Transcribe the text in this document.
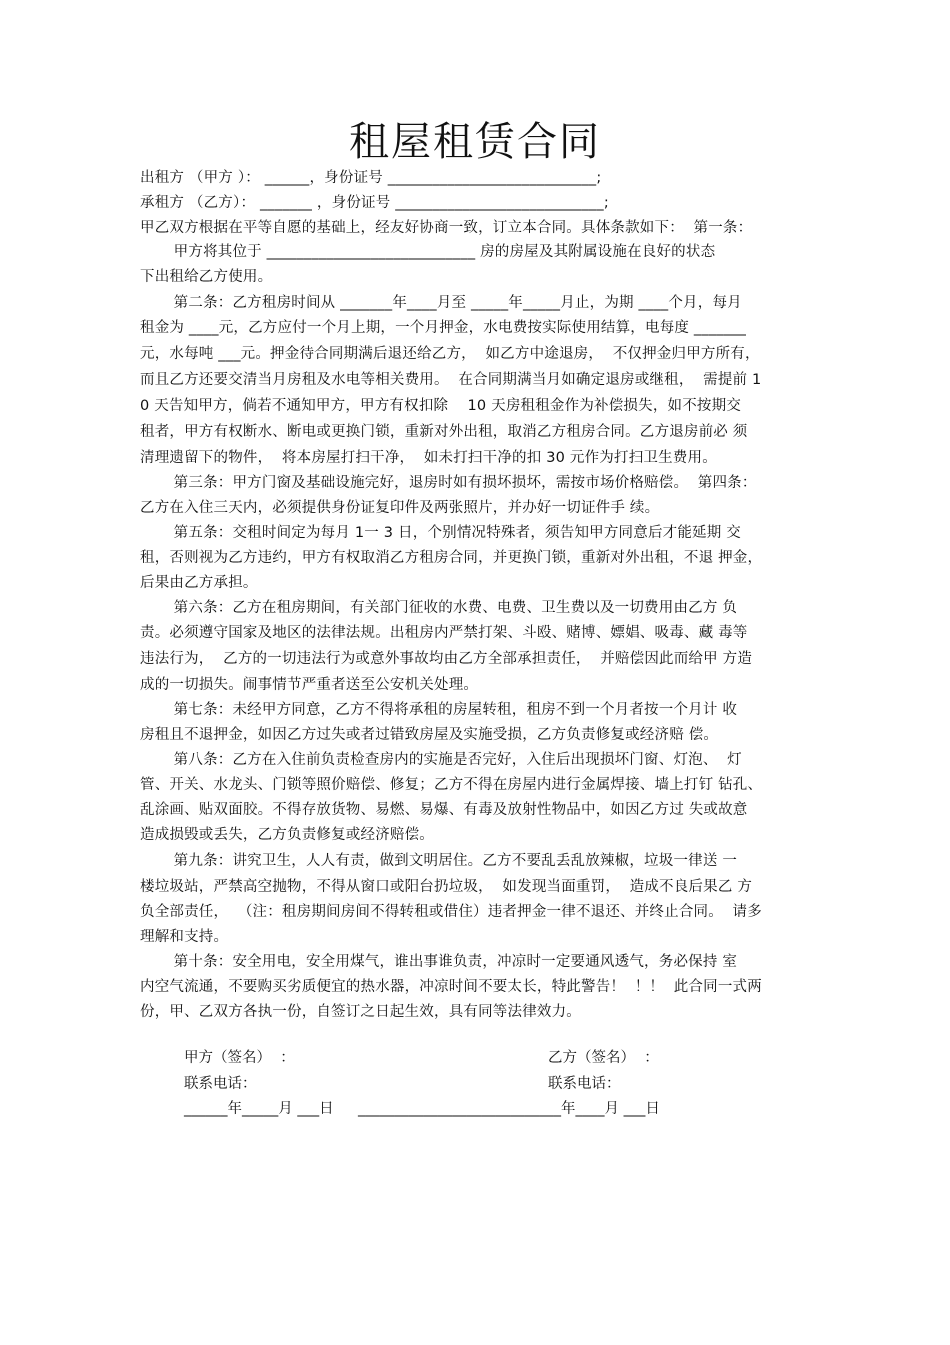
租屋租赁合同
出租方 （甲方 ）： ______，身份证号 ____________________________;
承租方 （乙方）： _______ ，身份证号 ____________________________;
甲乙双方根据在平等自愿的基础上，经友好协商一致，订立本合同。具体条款如下：  第一条：
甲方将其位于 ____________________________ 房的房屋及其附属设施在良好的状态
下出租给乙方使用。
第二条：乙方租房时间从 _______年____月至 _____年_____月止，为期 ____个月，每月
租金为 ____元，乙方应付一个月上期，一个月押金，水电费按实际使用结算，电每度 _______
元，水每吨 ___元。押金待合同期满后退还给乙方，  如乙方中途退房，  不仅押金归甲方所有，
而且乙方还要交清当月房租及水电等相关费用。  在合同期满当月如确定退房或继租，  需提前 1
0 天告知甲方，倘若不通知甲方，甲方有权扣除    10 天房租租金作为补偿损失，如不按期交
租者，甲方有权断水、断电或更换门锁，重新对外出租，取消乙方租房合同。乙方退房前必 须
清理遗留下的物件，  将本房屋打扫干净，  如未打扫干净的扣 30 元作为打扫卫生费用。
第三条：甲方门窗及基础设施完好，退房时如有损坏损坏，需按市场价格赔偿。  第四条：
乙方在入住三天内，必须提供身份证复印件及两张照片，并办好一切证件手 续。
第五条：交租时间定为每月 1一 3 日，个别情况特殊者，须告知甲方同意后才能延期 交
租，否则视为乙方违约，甲方有权取消乙方租房合同，并更换门锁，重新对外出租，不退 押金，
后果由乙方承担。
第六条：乙方在租房期间，有关部门征收的水费、电费、卫生费以及一切费用由乙方 负
责。必须遵守国家及地区的法律法规。出租房内严禁打架、斗殴、赌博、嫖娼、吸毒、藏 毒等
违法行为，  乙方的一切违法行为或意外事故均由乙方全部承担责任，  并赔偿因此而给甲 方造
成的一切损失。闹事情节严重者送至公安机关处理。
第七条：未经甲方同意，乙方不得将承租的房屋转租，租房不到一个月者按一个月计 收
房租且不退押金，如因乙方过失或者过错致房屋及实施受损，乙方负责修复或经济赔 偿。
第八条：乙方在入住前负责检查房内的实施是否完好，入住后出现损坏门窗、灯泡、  灯
管、开关、水龙头、门锁等照价赔偿、修复；乙方不得在房屋内进行金属焊接、墙上打钉 钻孔、
乱涂画、贴双面胶。不得存放货物、易燃、易爆、有毒及放射性物品中，如因乙方过 失或故意
造成损毁或丢失，乙方负责修复或经济赔偿。
第九条：讲究卫生，人人有责，做到文明居住。乙方不要乱丢乱放辣椒，垃圾一律送 一
楼垃圾站，严禁高空抛物，不得从窗口或阳台扔垃圾，  如发现当面重罚，  造成不良后果乙 方
负全部责任，  （注：租房期间房间不得转租或借住）违者押金一律不退还、并终止合同。  请多
理解和支持。
第十条：安全用电，安全用煤气，谁出事谁负责，冲凉时一定要通风透气，务必保持 室
内空气流通，不要购买劣质便宜的热水器，冲凉时间不要太长，特此警告！  ！！  此合同一式两
份，甲、乙双方各执一份，自签订之日起生效，具有同等法律效力。
甲方（签名）  ：	乙方（签名）  ：
联系电话：	联系电话：
______年_____月 ___日 ____________________________年____月 ___日
